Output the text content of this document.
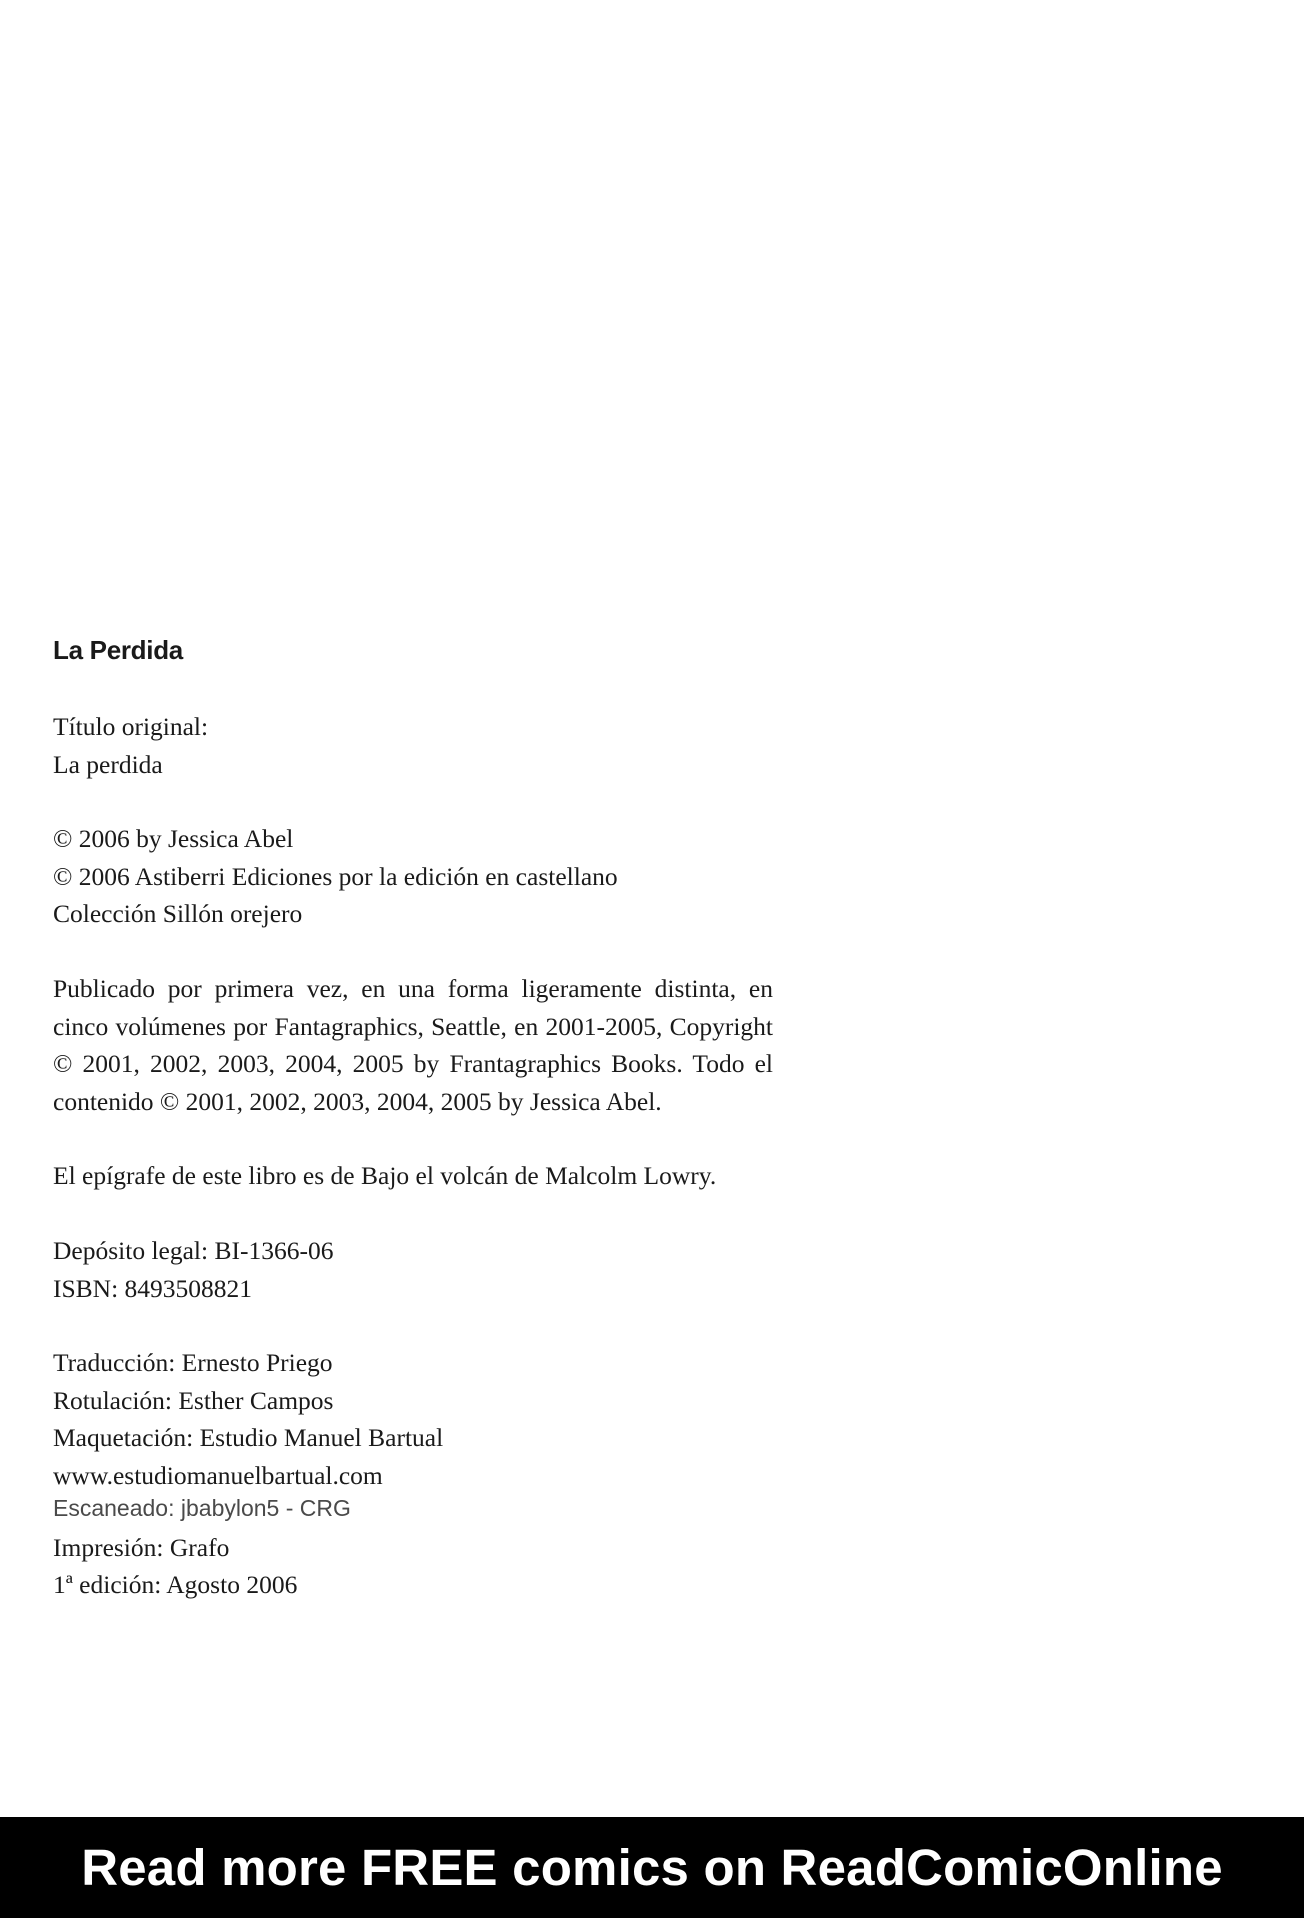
La Perdida

Título original:

La perdida

© 2006 by Jessica Abel

© 2006 Astiberri Ediciones por la edición en castellano

Colección Sillón orejero

Publicado por primera vez, en una forma ligeramente distinta, en cinco volúmenes por Fantagraphics, Seattle, en 2001-2005, Copyright © 2001, 2002, 2003, 2004, 2005 by Frantagraphics Books. Todo el contenido © 2001, 2002, 2003, 2004, 2005 by Jessica Abel.

El epígrafe de este libro es de Bajo el volcán de Malcolm Lowry.

Depósito legal: BI-1366-06

ISBN: 8493508821

Traducción: Ernesto Priego

Rotulación: Esther Campos

Maquetación: Estudio Manuel Bartual

www.estudiomanuelbartual.com

Escaneado: jbabylon5 - CRG

Impresión: Grafo

1ª edición: Agosto 2006

Read more FREE comics on ReadComicOnline
